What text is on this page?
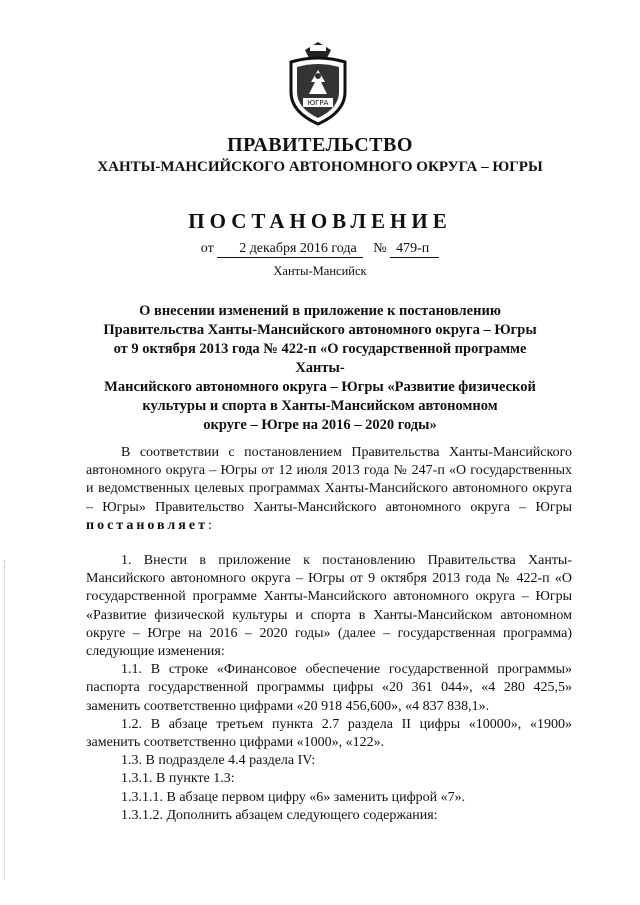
ЮГРА
ПРАВИТЕЛЬСТВО
ХАНТЫ-МАНСИЙСКОГО АВТОНОМНОГО ОКРУГА – ЮГРЫ
ПОСТАНОВЛЕНИЕ
от 2 декабря 2016 года № 479-п
Ханты-Мансийск
О внесении изменений в приложение к постановлению
Правительства Ханты-Мансийского автономного округа – Югры
от 9 октября 2013 года № 422-п «О государственной программе Ханты-
Мансийского автономного округа – Югры «Развитие физической
культуры и спорта в Ханты-Мансийском автономном
округе – Югре на 2016 – 2020 годы»

В соответствии с постановлением Правительства Ханты-Мансийского автономного округа – Югры от 12 июля 2013 года № 247-п «О государственных и ведомственных целевых программах Ханты-Мансийского автономного округа – Югры» Правительство Ханты-Мансийского автономного округа – Югры постановляет:

1. Внести в приложение к постановлению Правительства Ханты-Мансийского автономного округа – Югры от 9 октября 2013 года № 422-п «О государственной программе Ханты-Мансийского автономного округа – Югры «Развитие физической культуры и спорта в Ханты-Мансийском автономном округе – Югре на 2016 – 2020 годы» (далее – государственная программа) следующие изменения:

1.1. В строке «Финансовое обеспечение государственной программы» паспорта государственной программы цифры «20 361 044», «4 280 425,5» заменить соответственно цифрами «20 918 456,600», «4 837 838,1».

1.2. В абзаце третьем пункта 2.7 раздела II цифры «10000», «1900» заменить соответственно цифрами «1000», «122».

1.3. В подразделе 4.4 раздела IV:

1.3.1. В пункте 1.3:

1.3.1.1. В абзаце первом цифру «6» заменить цифрой «7».

1.3.1.2. Дополнить абзацем следующего содержания:
